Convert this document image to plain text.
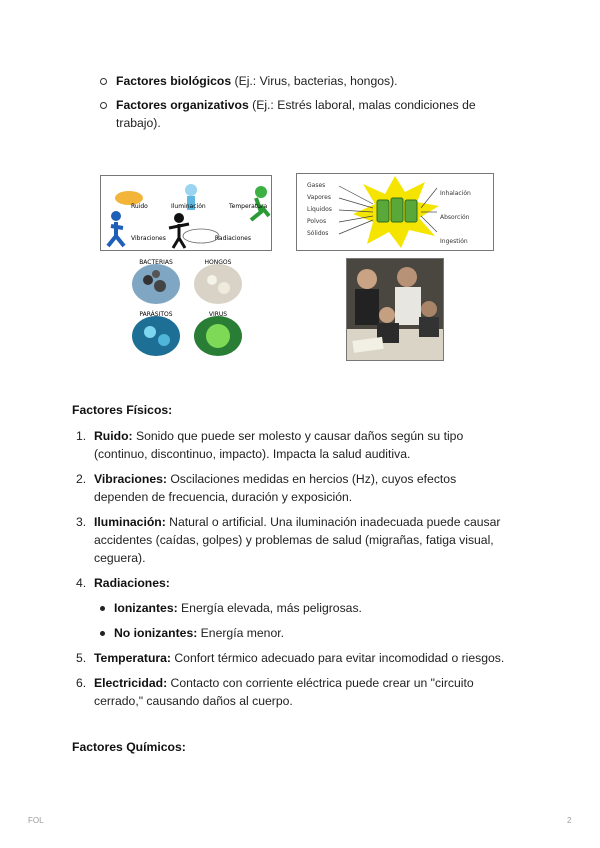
Factores biológicos (Ej.: Virus, bacterias, hongos).
Factores organizativos (Ej.: Estrés laboral, malas condiciones de trabajo).
Ruido	Iluminación	Temperatura
Vibraciones	Radiaciones
Gases
Vapores
Líquidos
Polvos
Sólidos
Inhalación
Absorción
Ingestión
BACTERIAS	HONGOS
PARÁSITOS	VIRUS
Factores Físicos:
1. Ruido: Sonido que puede ser molesto y causar daños según su tipo (continuo, discontinuo, impacto). Impacta la salud auditiva.
2. Vibraciones: Oscilaciones medidas en hercios (Hz), cuyos efectos dependen de frecuencia, duración y exposición.
3. Iluminación: Natural o artificial. Una iluminación inadecuada puede causar accidentes (caídas, golpes) y problemas de salud (migrañas, fatiga visual, ceguera).
4. Radiaciones:
Ionizantes: Energía elevada, más peligrosas.
No ionizantes: Energía menor.
5. Temperatura: Confort térmico adecuado para evitar incomodidad o riesgos.
6. Electricidad: Contacto con corriente eléctrica puede crear un "circuito cerrado," causando daños al cuerpo.
Factores Químicos:
FOL	2
